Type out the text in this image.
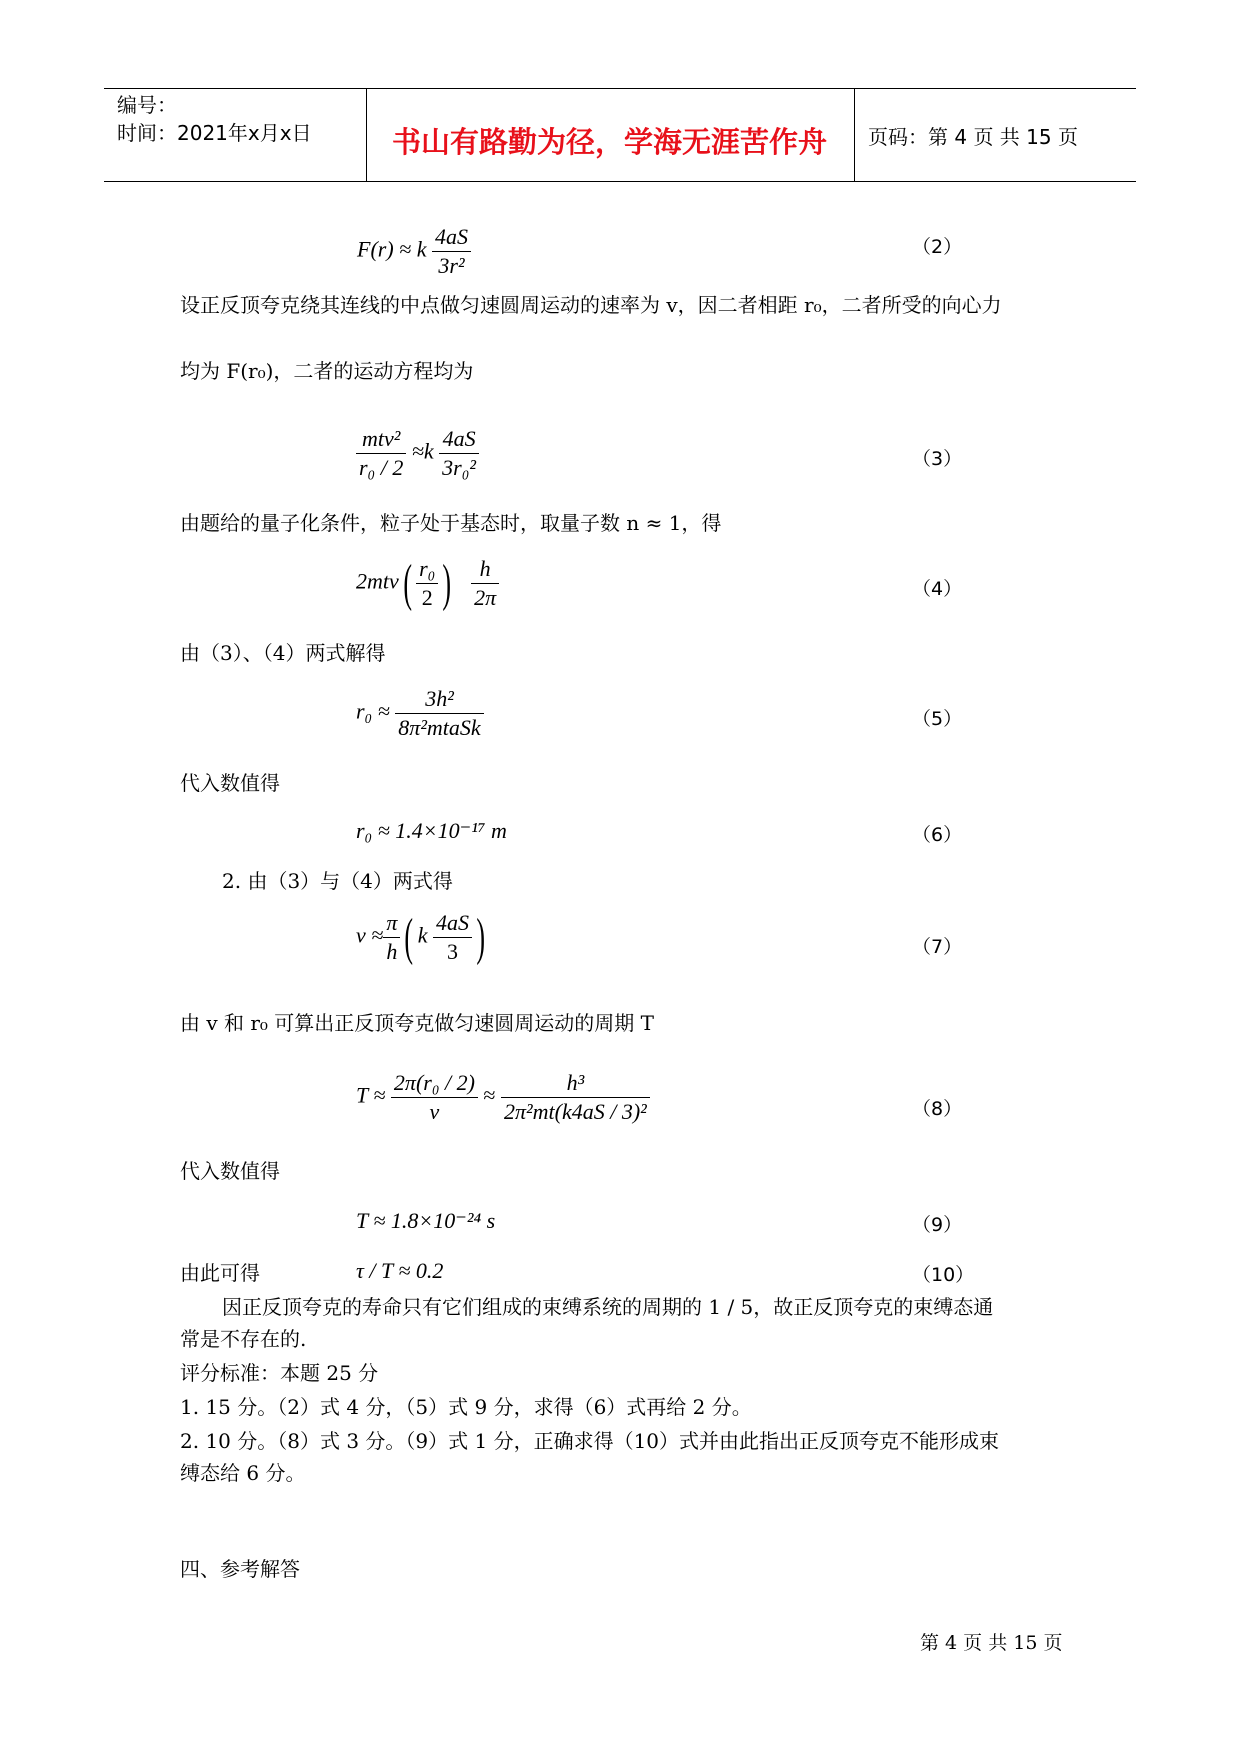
编号：
时间：2021年x月x日	书山有路勤为径，学海无涯苦作舟 页码：第 4 页 共 15 页
F(r) ≈ k $\frac{4aS}{\text{3r²}}$	（2）
设正反顶夸克绕其连线的中点做匀速圆周运动的速率为 v，因二者相距 r₀，二者所受的向心力
均为 F(r₀)，二者的运动方程均为
$\frac{\text{mtv²}}{\text{r₀ / 2}} \approx k \frac{4aS}{\text{3r₀²}}$	（3）
由题给的量子化条件，粒子处于基态时，取量子数 n ≈ 1，得
$2mtv( \frac{\text{r₀}}{2}$ ) $\frac{h}{2\pi}$	（4）
由（3）、（4）两式解得
$r_0 \approx \frac{\text{3h²}}{\text{8π²mtaSk}}$	（5）
代入数值得
r₀ ≈ 1.4×10⁻¹⁷ m	（6）
2. 由（3）与（4）两式得
$v \approx \frac{\pi}{h}$ ( k $\frac{4aS}{3}$ )	（7）
由 v 和 r₀ 可算出正反顶夸克做匀速圆周运动的周期 T
$T \approx \frac{\text{2π(r₀ / 2)}}{v} \approx \frac{\text{h³}}{\text{2π²mt(k4aS / 3)²}}$	（8）
代入数值得
T ≈ 1.8×10⁻²⁴ s	（9）
由此可得	τ / T ≈ 0.2	（10）
因正反顶夸克的寿命只有它们组成的束缚系统的周期的 1 / 5，故正反顶夸克的束缚态通
常是不存在的.
评分标准：本题 25 分
1. 15 分。（2）式 4 分，（5）式 9 分，求得（6）式再给 2 分。
2. 10 分。（8）式 3 分。（9）式 1 分，正确求得（10）式并由此指出正反顶夸克不能形成束
缚态给 6 分。
四、参考解答
第 4 页 共 15 页
